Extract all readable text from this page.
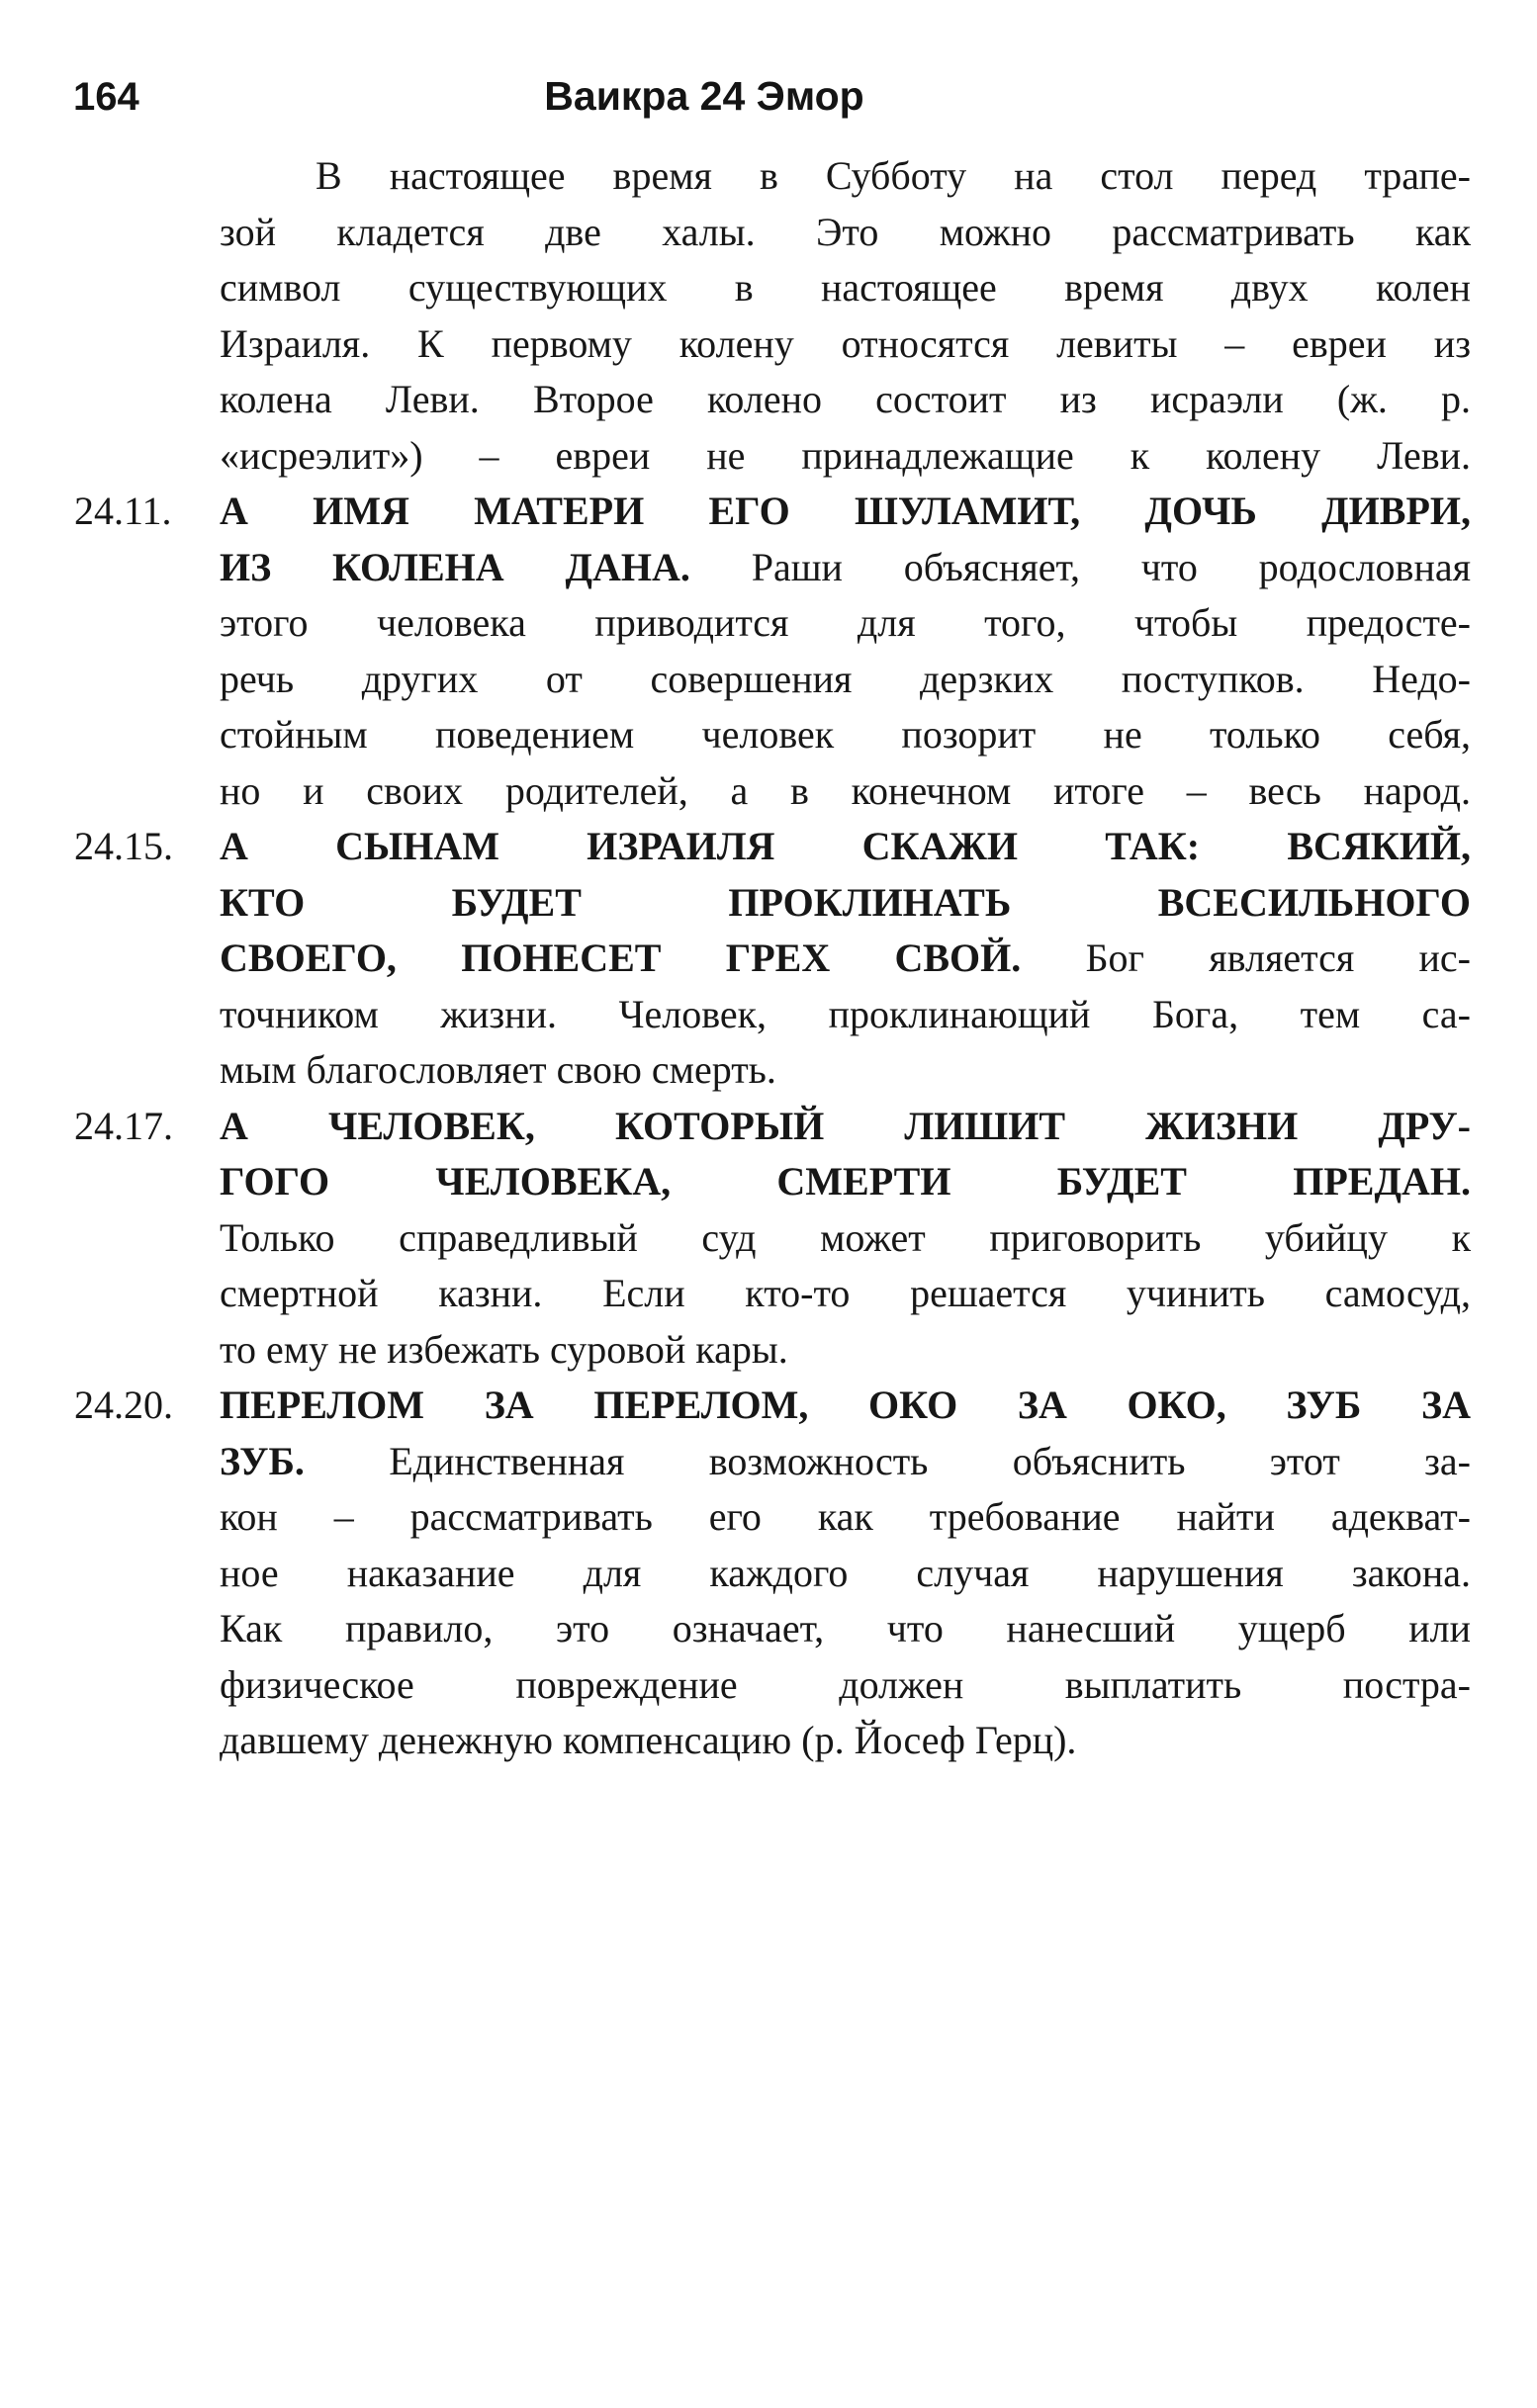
164	Ваикра 24 Эмор
В настоящее время в Субботу на стол перед трапе-
зой кладется две халы. Это можно рассматривать как
символ существующих в настоящее время двух колен
Израиля. К первому колену относятся левиты – евреи из
колена Леви. Второе колено состоит из исраэли (ж. р.
«исреэлит») – евреи не принадлежащие к колену Леви.
24.11.	А ИМЯ МАТЕРИ ЕГО ШУЛАМИТ, ДОЧЬ ДИВРИ,
ИЗ КОЛЕНА ДАНА. Раши объясняет, что родословная
этого человека приводится для того, чтобы предосте-
речь других от совершения дерзких поступков. Недо-
стойным поведением человек позорит не только себя,
но и своих родителей, а в конечном итоге – весь народ.
24.15.	А СЫНАМ ИЗРАИЛЯ СКАЖИ ТАК: ВСЯКИЙ,
КТО БУДЕТ ПРОКЛИНАТЬ ВСЕСИЛЬНОГО
СВОЕГО, ПОНЕСЕТ ГРЕХ СВОЙ. Бог является ис-
точником жизни. Человек, проклинающий Бога, тем са-
мым благословляет свою смерть.
24.17.	А ЧЕЛОВЕК, КОТОРЫЙ ЛИШИТ ЖИЗНИ ДРУ-
ГОГО ЧЕЛОВЕКА, СМЕРТИ БУДЕТ ПРЕДАН.
Только справедливый суд может приговорить убийцу к
смертной казни. Если кто-то решается учинить самосуд,
то ему не избежать суровой кары.
24.20.	ПЕРЕЛОМ ЗА ПЕРЕЛОМ, ОКО ЗА ОКО, ЗУБ ЗА
ЗУБ. Единственная возможность объяснить этот за-
кон – рассматривать его как требование найти адекват-
ное наказание для каждого случая нарушения закона.
Как правило, это означает, что нанесший ущерб или
физическое повреждение должен выплатить постра-
давшему денежную компенсацию (р. Йосеф Герц).
